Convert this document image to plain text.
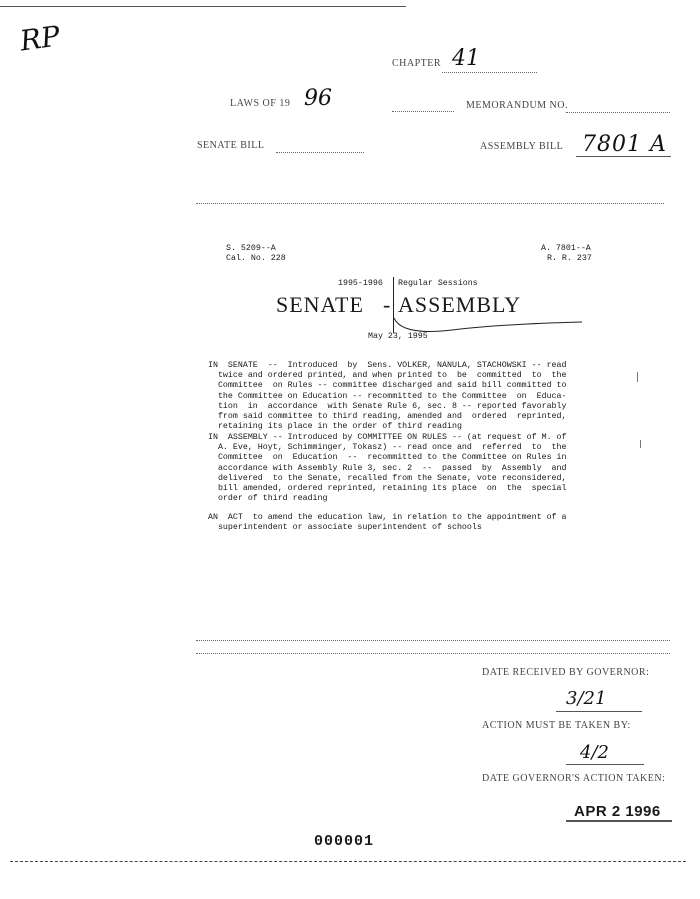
RP
CHAPTER 41
LAWS OF 19 96	MEMORANDUM NO.
SENATE BILL	ASSEMBLY BILL 7801 A
S. 5209--A
Cal. No. 228
A. 7801--A
R. R. 237
1995-1996 Regular Sessions
SENATE - ASSEMBLY
May 23, 1995
IN  SENATE  --  Introduced  by  Sens. VOLKER, NANULA, STACHOWSKI -- read
twice and ordered printed, and when printed to  be  committed  to  the
Committee  on Rules -- committee discharged and said bill committed to
the Committee on Education -- recommitted to the Committee  on  Educa-
tion  in  accordance  with Senate Rule 6, sec. 8 -- reported favorably
from said committee to third reading, amended and  ordered  reprinted,
retaining its place in the order of third reading
IN  ASSEMBLY -- Introduced by COMMITTEE ON RULES -- (at request of M. of
A. Eve, Hoyt, Schimminger, Tokasz) -- read once and  referred  to  the
Committee  on  Education  --  recommitted to the Committee on Rules in
accordance with Assembly Rule 3, sec. 2  --  passed  by  Assembly  and
delivered  to the Senate, recalled from the Senate, vote reconsidered,
bill amended, ordered reprinted, retaining its place  on  the  special
order of third reading
AN  ACT  to amend the education law, in relation to the appointment of a
superintendent or associate superintendent of schools
DATE RECEIVED BY GOVERNOR:
3/21
ACTION MUST BE TAKEN BY:
4/2
DATE GOVERNOR'S ACTION TAKEN:
APR 2 1996
000001
